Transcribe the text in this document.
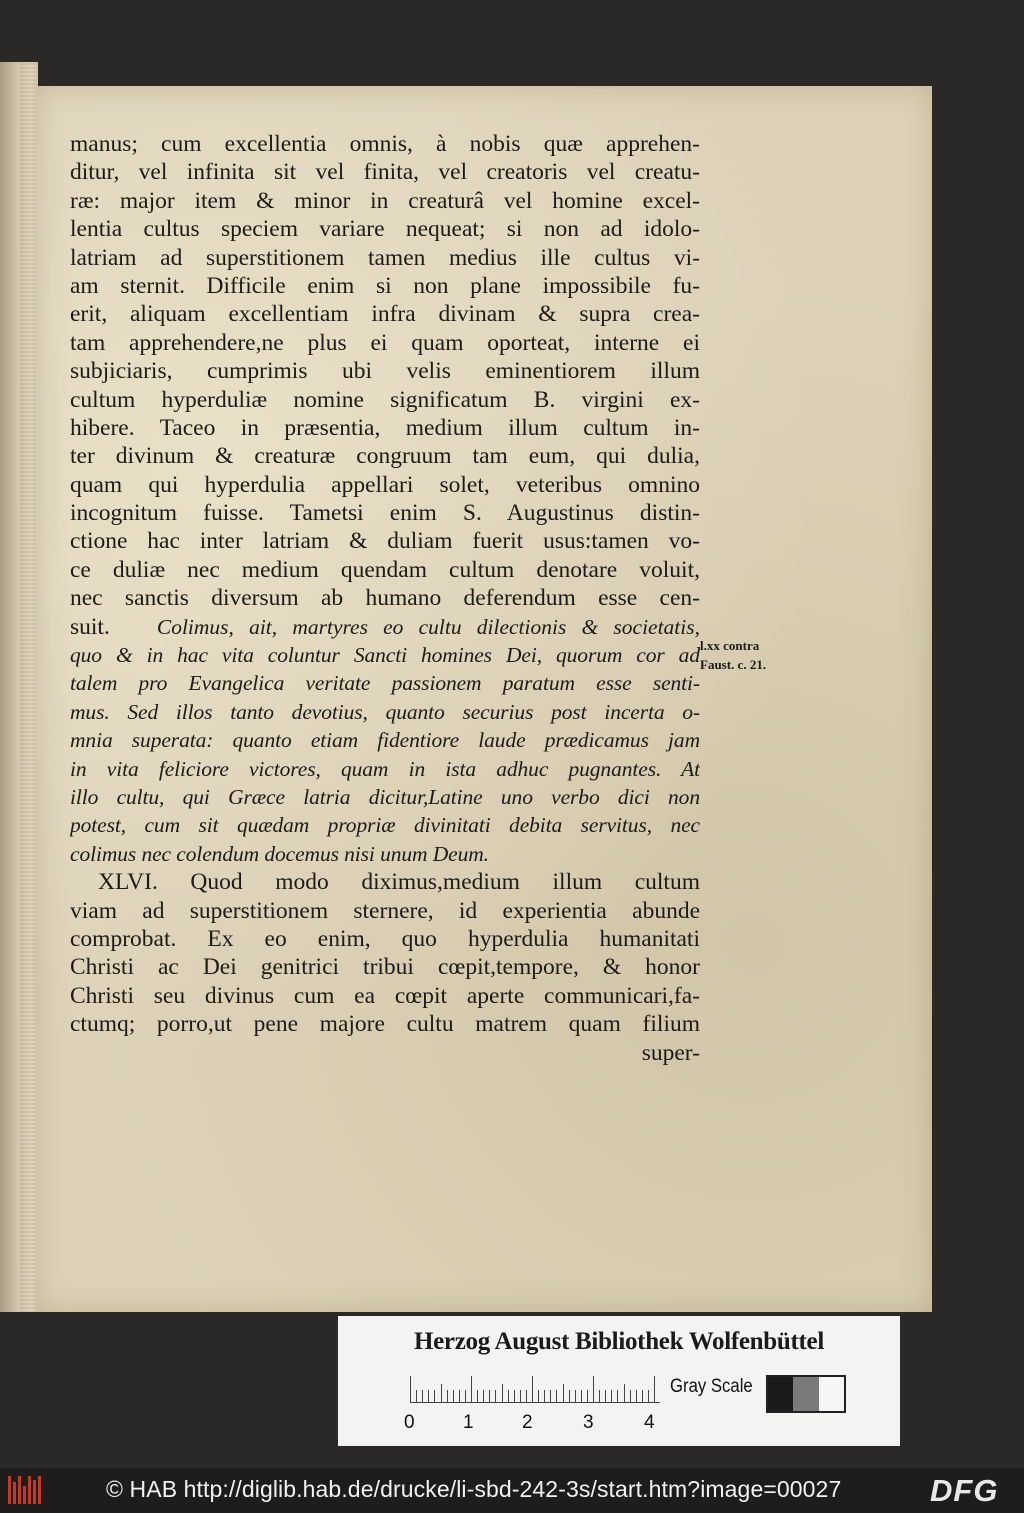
manus; cum excellentia omnis, à nobis quæ apprehen-
ditur, vel infinita sit vel finita, vel creatoris vel creatu-
ræ: major item & minor in creaturâ vel homine excel-
lentia cultus speciem variare nequeat; si non ad idolo-
latriam ad superstitionem tamen medius ille cultus vi-
am sternit. Difficile enim si non plane impossibile fu-
erit, aliquam excellentiam infra divinam & supra crea-
tam apprehendere,ne plus ei quam oporteat, interne ei
subjiciaris, cumprimis ubi velis eminentiorem illum
cultum hyperduliæ nomine significatum B. virgini ex-
hibere. Taceo in præsentia, medium illum cultum in-
ter divinum & creaturæ congruum tam eum, qui dulia,
quam qui hyperdulia appellari solet, veteribus omnino
incognitum fuisse. Tametsi enim S. Augustinus distin-
ctione hac inter latriam & duliam fuerit usus:tamen vo-
ce duliæ nec medium quendam cultum denotare voluit,
nec sanctis diversum ab humano deferendum esse cen-
suit. Colimus, ait, martyres eo cultu dilectionis & societatis,
quo & in hac vita coluntur Sancti homines Dei, quorum cor ad
talem pro Evangelica veritate passionem paratum esse senti-
mus. Sed illos tanto devotius, quanto securius post incerta o-
mnia superata: quanto etiam fidentiore laude prædicamus jam
in vita feliciore victores, quam in ista adhuc pugnantes. At
illo cultu, qui Græce latria dicitur,Latine uno verbo dici non
potest, cum sit quædam propriæ divinitati debita servitus, nec
colimus nec colendum docemus nisi unum Deum.
XLVI. Quod modo diximus,medium illum cultum
viam ad superstitionem sternere, id experientia abunde
comprobat. Ex eo enim, quo hyperdulia humanitati
Christi ac Dei genitrici tribui cœpit,tempore, & honor
Christi seu divinus cum ea cœpit aperte communicari,fa-
ctumq; porro,ut pene majore cultu matrem quam filium
super-
l.xx contra
Faust. c. 21.
Herzog August Bibliothek Wolfenbüttel
0	1	2	3	4
Gray Scale
© HAB http://diglib.hab.de/drucke/li-sbd-242-3s/start.htm?image=00027	DFG
